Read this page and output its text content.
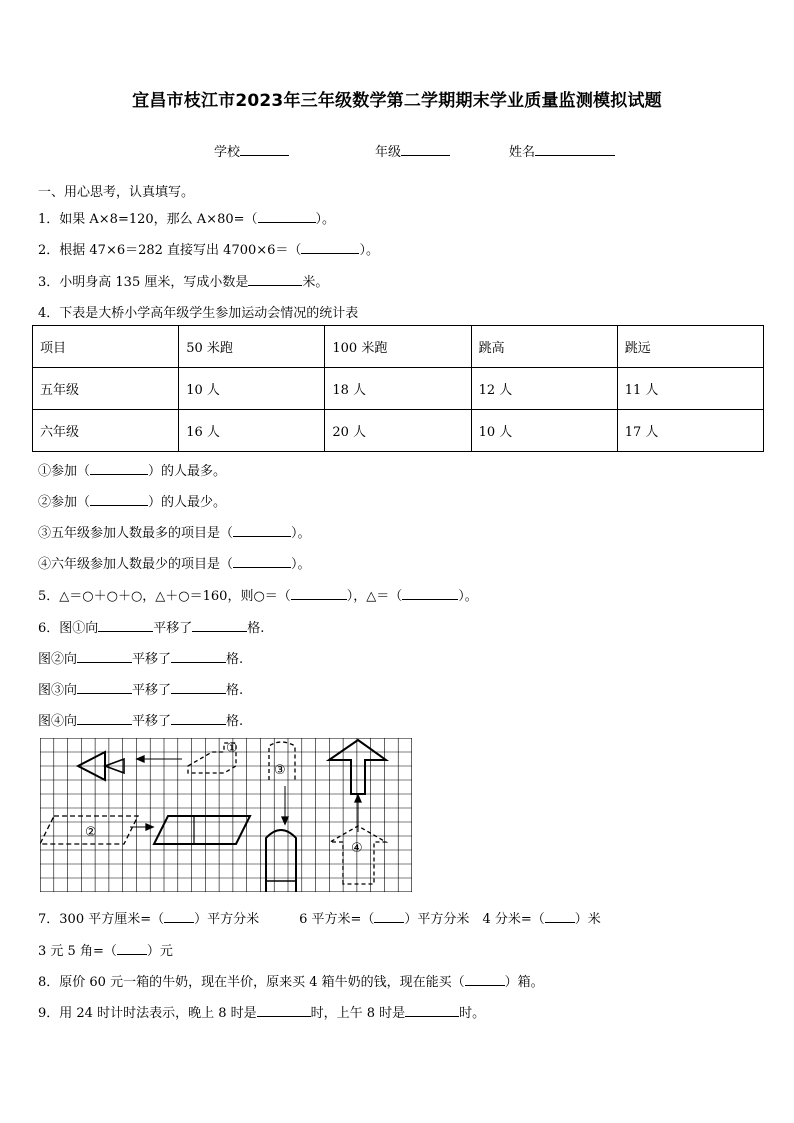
宜昌市枝江市2023年三年级数学第二学期期末学业质量监测模拟试题
学校	年级	姓名
一、用心思考，认真填写。
1．如果 A×8=120，那么 A×80=（	）。
2．根据 47×6＝282 直接写出 4700×6＝（	）。
3．小明身高 135 厘米，写成小数是	米。
4．下表是大桥小学高年级学生参加运动会情况的统计表
项目	50 米跑	100 米跑	跳高	跳远
五年级	10 人	18 人	12 人	11 人
六年级	16 人	20 人	10 人	17 人
①参加（	）的人最多。
②参加（	）的人最少。
③五年级参加人数最多的项目是（	）。
④六年级参加人数最少的项目是（	）。
5．△＝○＋○＋○，△＋○＝160，则○＝（	），△＝（	）。
6．图①向	平移了	格.
图②向	平移了	格.
图③向	平移了	格.
图④向	平移了	格.
①
②
③
④
7．300 平方厘米=（ ）平方分米	6 平方米=（ ）平方分米 4 分米=（ ）米
3 元 5 角=（ ）元
8．原价 60 元一箱的牛奶，现在半价，原来买 4 箱牛奶的钱，现在能买（	）箱。
9．用 24 时计时法表示，晚上 8 时是	时，上午 8 时是	时。
